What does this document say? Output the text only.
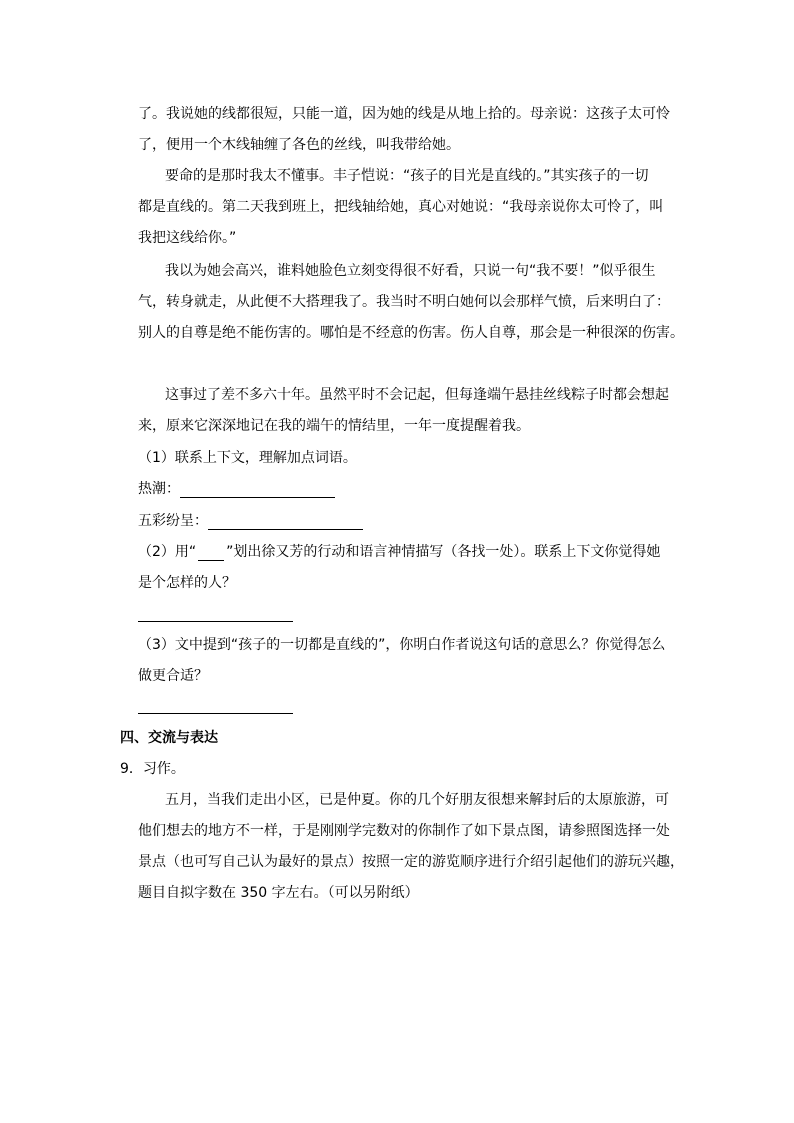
了。我说她的线都很短，只能一道，因为她的线是从地上拾的。母亲说：这孩子太可怜
了，便用一个木线轴缠了各色的丝线，叫我带给她。
要命的是那时我太不懂事。丰子恺说：“孩子的目光是直线的。”其实孩子的一切
都是直线的。第二天我到班上，把线轴给她，真心对她说：“我母亲说你太可怜了，叫
我把这线给你。”
我以为她会高兴，谁料她脸色立刻变得很不好看，只说一句“我不要！”似乎很生
气，转身就走，从此便不大搭理我了。我当时不明白她何以会那样气愤，后来明白了：
别人的自尊是绝不能伤害的。哪怕是不经意的伤害。伤人自尊，那会是一种很深的伤害。
这事过了差不多六十年。虽然平时不会记起，但每逢端午悬挂丝线粽子时都会想起
来，原来它深深地记在我的端午的情结里，一年一度提醒着我。
（1）联系上下文，理解加点词语。
热潮：
五彩纷呈：
（2）用“ ”划出徐又芳的行动和语言神情描写（各找一处）。联系上下文你觉得她
是个怎样的人？
（3）文中提到“孩子的一切都是直线的”，你明白作者说这句话的意思么？你觉得怎么
做更合适？
四、交流与表达
9．习作。
五月，当我们走出小区，已是仲夏。你的几个好朋友很想来解封后的太原旅游，可
他们想去的地方不一样，于是刚刚学完数对的你制作了如下景点图，请参照图选择一处
景点（也可写自己认为最好的景点）按照一定的游览顺序进行介绍引起他们的游玩兴趣，
题目自拟字数在 350 字左右。（可以另附纸）
